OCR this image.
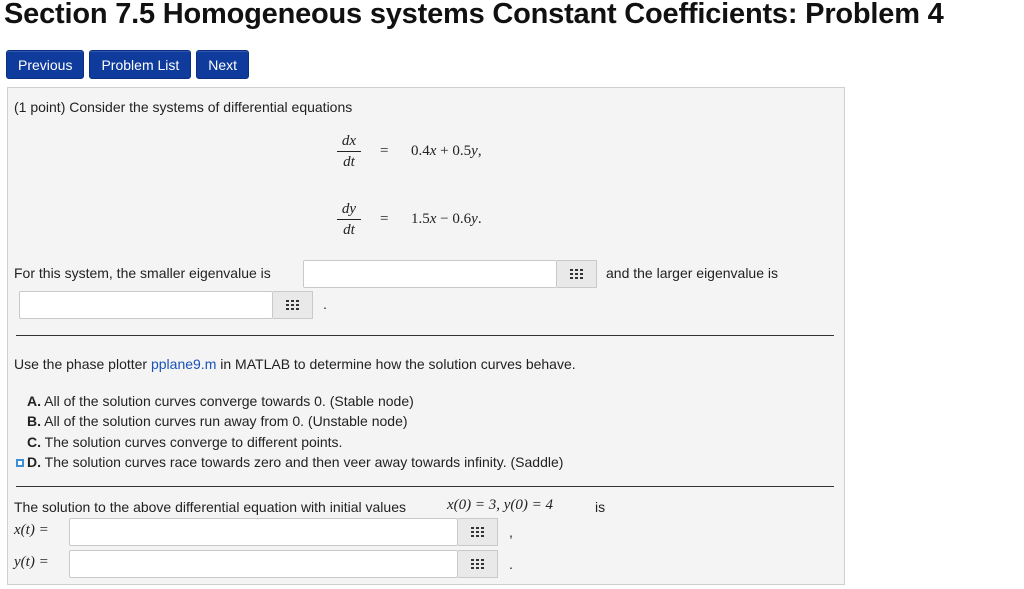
Section 7.5 Homogeneous systems Constant Coefficients: Problem 4
Previous	Problem List	Next
(1 point) Consider the systems of differential equations
dx
dt
= 0.4x + 0.5y,
dy
dt
= 1.5x − 0.6y.
For this system, the smaller eigenvalue is	and the larger eigenvalue is
.
Use the phase plotter pplane9.m in MATLAB to determine how the solution curves behave.
A. All of the solution curves converge towards 0. (Stable node)
B. All of the solution curves run away from 0. (Unstable node)
C. The solution curves converge to different points.
D. The solution curves race towards zero and then veer away towards infinity. (Saddle)
The solution to the above differential equation with initial values	x(0) = 3, y(0) = 4	is
x(t) =	,
y(t) =	.
